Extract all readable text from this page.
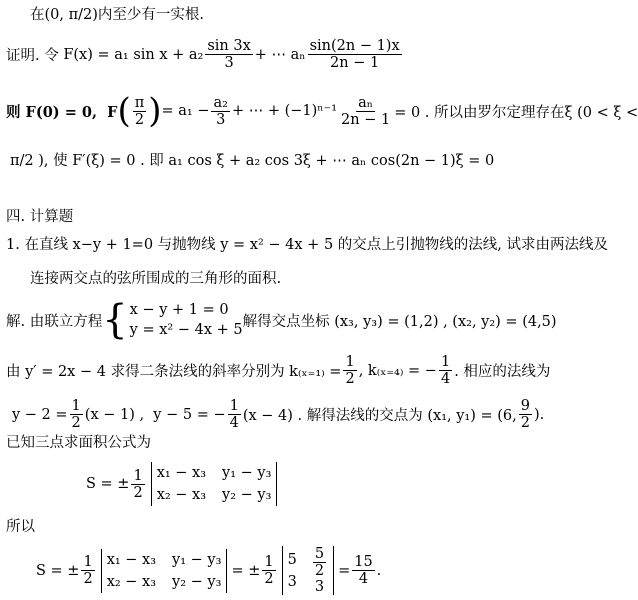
在(0, π/2)内至少有一实根.
证明. 令 F(x) = a₁ $\sin x + a_2 \frac{\sin 3x}{3}$ + ⋯ aₙ $\frac{\sin(2n - 1)x}{2n - 1}$
则 F(0) = 0,  F ( $\frac{\pi}{2}$ ) = $a_1 - \frac{\text{a₂}}{3}$ + ⋯ + $(-1)^{n-1} \frac{\text{aₙ}}{2n - 1} = 0$ . 所以由罗尔定理存在ξ (0 < ξ <
π/2 ), 使 F′(ξ) = 0 . 即 a₁ cos ξ + a₂ cos 3ξ + ⋯ aₙ cos(2n − 1)ξ = 0
四. 计算题
1. 在直线 x−y + 1=0 与抛物线 y = x² − 4x + 5 的交点上引抛物线的法线, 试求由两法线及
连接两交点的弦所围成的三角形的面积.
解. 由联立方程 { x − y + 1 = 0
y = x² − 4x + 5
解得交点坐标 (x₃, y₃) = (1,2) , (x₂, y₂) = (4,5)
由 y′ = 2x − 4 求得二条法线的斜率分别为 $k_{(x=1)} = \frac{1}{2}$ , k₍ₓ₌₄₎ = − $\frac{1}{4}$ . 相应的法线为
$y - 2 = \frac{1}{2} (x - 1)$ ,  y − 5 = − $\frac{1}{4} (x - 4)$ . 解得法线的交点为 (x₁, y₁) = (6, $\frac{9}{2}$ ).
已知三点求面积公式为
S = ± $\frac{1}{2} x_1 - x_3$ y₁ − y₃
x₂ − x₃ y₂ − y₃
所以
S = ± $\frac{1}{2} x_1 - x_3$ y₁ − y₃
x₂ − x₃ y₂ − y₃
= ± $\frac{1}{2} 5$
3
$\frac{5}{2}$
3
= $\frac{15}{4}$ .
